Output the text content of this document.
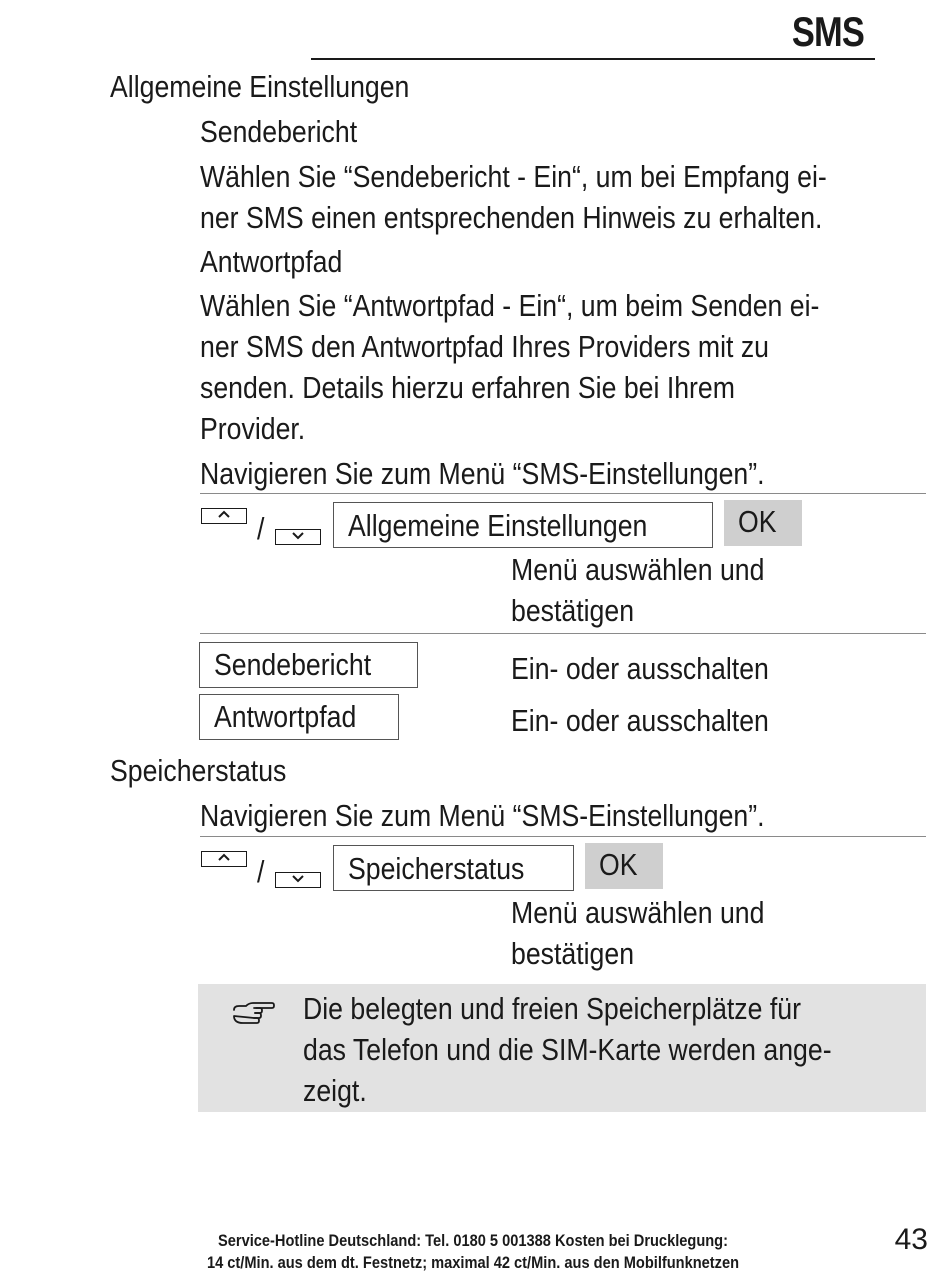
SMS
Allgemeine Einstellungen
Sendebericht
Wählen Sie “Sendebericht - Ein“, um bei Empfang ei-
ner SMS einen entsprechenden Hinweis zu erhalten.
Antwortpfad
Wählen Sie “Antwortpfad - Ein“, um beim Senden ei-
ner SMS den Antwortpfad Ihres Providers mit zu
senden. Details hierzu erfahren Sie bei Ihrem
Provider.
Navigieren Sie zum Menü “SMS-Einstellungen”.
/	Allgemeine Einstellungen	OK
Menü auswählen und
bestätigen
Sendebericht	Ein- oder ausschalten
Antwortpfad	Ein- oder ausschalten
Speicherstatus
Navigieren Sie zum Menü “SMS-Einstellungen”.
/	Speicherstatus OK
Menü auswählen und
bestätigen
Die belegten und freien Speicherplätze für
das Telefon und die SIM-Karte werden ange-
zeigt.
Service-Hotline Deutschland: Tel. 0180 5 001388 Kosten bei Drucklegung:
14 ct/Min. aus dem dt. Festnetz; maximal 42 ct/Min. aus den Mobilfunknetzen
43
